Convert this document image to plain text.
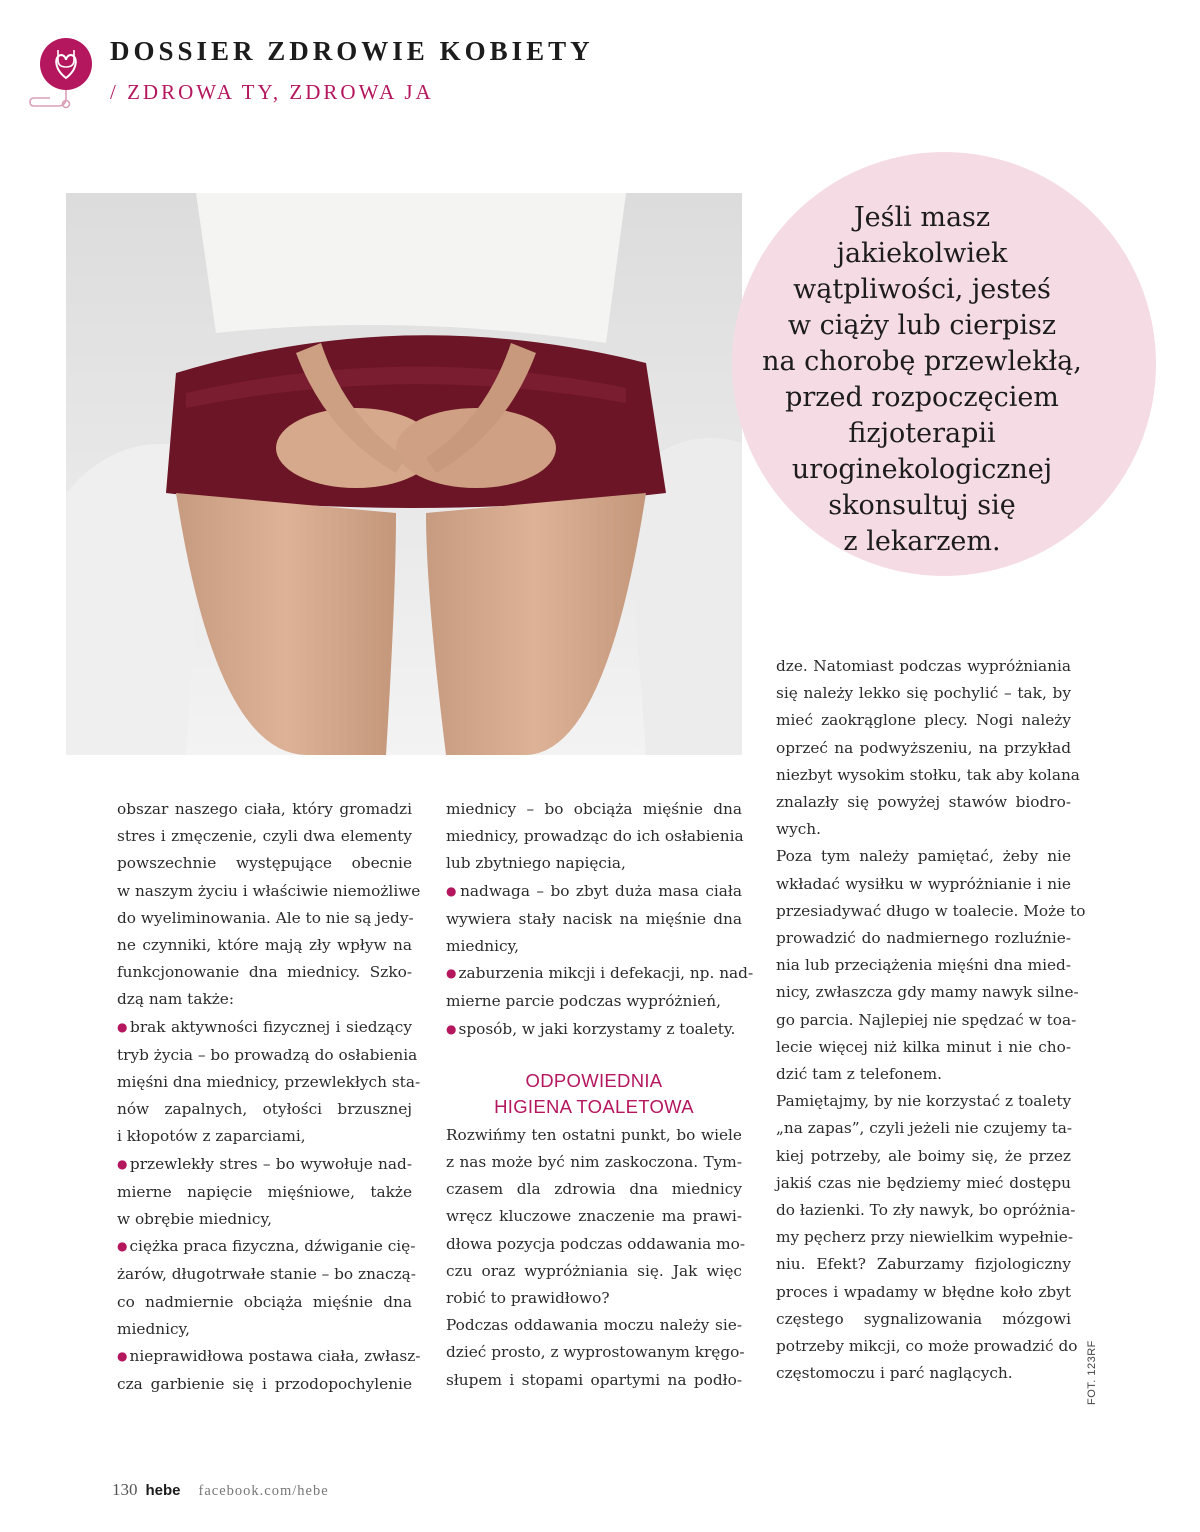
DOSSIER ZDROWIE KOBIETY
/ ZDROWA TY, ZDROWA JA
Jeśli masz
jakiekolwiek
wątpliwości, jesteś
w ciąży lub cierpisz
na chorobę przewlekłą,
przed rozpoczęciem
fizjoterapii
uroginekologicznej
skonsultuj się
z lekarzem.
obszar naszego ciała, który gromadzi
stres i zmęczenie, czyli dwa elementy
powszechnie występujące obecnie
w naszym życiu i właściwie niemożliwe
do wyeliminowania. Ale to nie są jedy-
ne czynniki, które mają zły wpływ na
funkcjonowanie dna miednicy. Szko-
dzą nam także:
● brak aktywności fizycznej i siedzący
tryb życia – bo prowadzą do osłabienia
mięśni dna miednicy, przewlekłych sta-
nów zapalnych, otyłości brzusznej
i kłopotów z zaparciami,
● przewlekły stres – bo wywołuje nad-
mierne napięcie mięśniowe, także
w obrębie miednicy,
● ciężka praca fizyczna, dźwiganie cię-
żarów, długotrwałe stanie – bo znaczą-
co nadmiernie obciąża mięśnie dna
miednicy,
● nieprawidłowa postawa ciała, zwłasz-
cza garbienie się i przodopochylenie
miednicy – bo obciąża mięśnie dna
miednicy, prowadząc do ich osłabienia
lub zbytniego napięcia,
● nadwaga – bo zbyt duża masa ciała
wywiera stały nacisk na mięśnie dna
miednicy,
● zaburzenia mikcji i defekacji, np. nad-
mierne parcie podczas wypróżnień,
● sposób, w jaki korzystamy z toalety.
ODPOWIEDNIA
HIGIENA TOALETOWA
Rozwińmy ten ostatni punkt, bo wiele
z nas może być nim zaskoczona. Tym-
czasem dla zdrowia dna miednicy
wręcz kluczowe znaczenie ma prawi-
dłowa pozycja podczas oddawania mo-
czu oraz wypróżniania się. Jak więc
robić to prawidłowo?
Podczas oddawania moczu należy sie-
dzieć prosto, z wyprostowanym kręgo-
słupem i stopami opartymi na podło-
dze. Natomiast podczas wypróżniania
się należy lekko się pochylić – tak, by
mieć zaokrąglone plecy. Nogi należy
oprzeć na podwyższeniu, na przykład
niezbyt wysokim stołku, tak aby kolana
znalazły się powyżej stawów biodro-
wych.
Poza tym należy pamiętać, żeby nie
wkładać wysiłku w wypróżnianie i nie
przesiadywać długo w toalecie. Może to
prowadzić do nadmiernego rozluźnie-
nia lub przeciążenia mięśni dna mied-
nicy, zwłaszcza gdy mamy nawyk silne-
go parcia. Najlepiej nie spędzać w toa-
lecie więcej niż kilka minut i nie cho-
dzić tam z telefonem.
Pamiętajmy, by nie korzystać z toalety
„na zapas”, czyli jeżeli nie czujemy ta-
kiej potrzeby, ale boimy się, że przez
jakiś czas nie będziemy mieć dostępu
do łazienki. To zły nawyk, bo opróżnia-
my pęcherz przy niewielkim wypełnie-
niu. Efekt? Zaburzamy fizjologiczny
proces i wpadamy w błędne koło zbyt
częstego sygnalizowania mózgowi
potrzeby mikcji, co może prowadzić do
częstomoczu i parć naglących.	FOT. 123RF
130 hebe facebook.com/hebe
